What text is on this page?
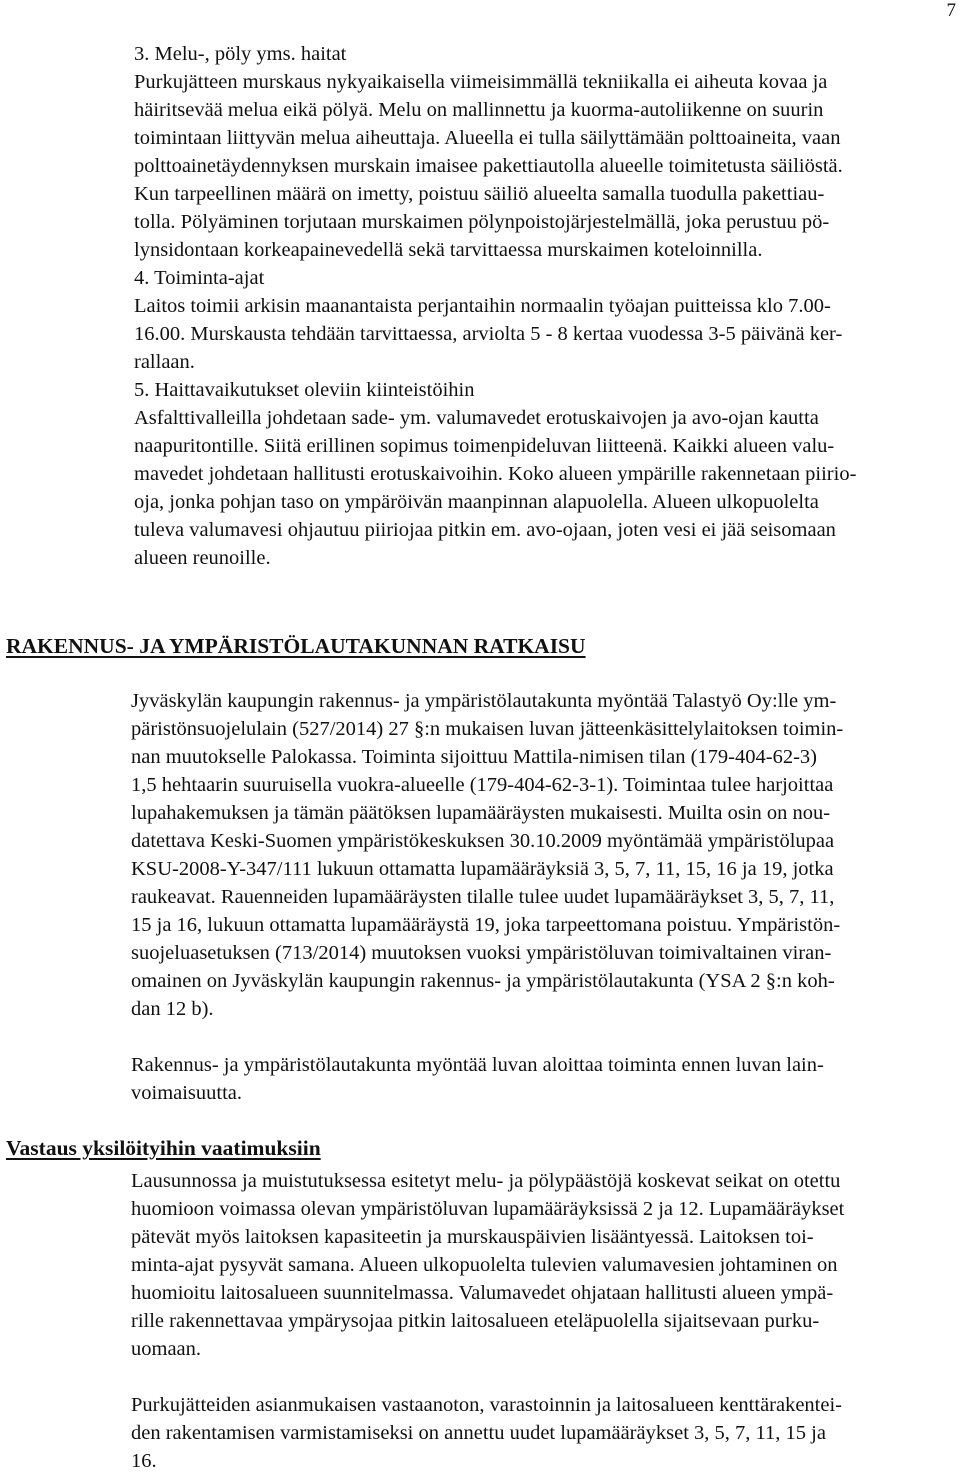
7
3. Melu-, pöly yms. haitat
Purkujätteen murskaus nykyaikaisella viimeisimmällä tekniikalla ei aiheuta kovaa ja
häiritsevää melua eikä pölyä. Melu on mallinnettu ja kuorma-autoliikenne on suurin
toimintaan liittyvän melua aiheuttaja. Alueella ei tulla säilyttämään polttoaineita, vaan
polttoainetäydennyksen murskain imaisee pakettiautolla alueelle toimitetusta säiliöstä.
Kun tarpeellinen määrä on imetty, poistuu säiliö alueelta samalla tuodulla pakettiau-
tolla. Pölyäminen torjutaan murskaimen pölynpoistojärjestelmällä, joka perustuu pö-
lynsidontaan korkeapainevedellä sekä tarvittaessa murskaimen koteloinnilla.
4. Toiminta-ajat
Laitos toimii arkisin maanantaista perjantaihin normaalin työajan puitteissa klo 7.00-
16.00. Murskausta tehdään tarvittaessa, arviolta 5 - 8 kertaa vuodessa 3-5 päivänä ker-
rallaan.
5. Haittavaikutukset oleviin kiinteistöihin
Asfalttivalleilla johdetaan sade- ym. valumavedet erotuskaivojen ja avo-ojan kautta
naapuritontille. Siitä erillinen sopimus toimenpideluvan liitteenä. Kaikki alueen valu-
mavedet johdetaan hallitusti erotuskaivoihin. Koko alueen ympärille rakennetaan piirio-
oja, jonka pohjan taso on ympäröivän maanpinnan alapuolella. Alueen ulkopuolelta
tuleva valumavesi ohjautuu piiriojaa pitkin em. avo-ojaan, joten vesi ei jää seisomaan
alueen reunoille.
RAKENNUS- JA YMPÄRISTÖLAUTAKUNNAN RATKAISU
Jyväskylän kaupungin rakennus- ja ympäristölautakunta myöntää Talastyö Oy:lle ym-
päristönsuojelulain (527/2014) 27 §:n mukaisen luvan jätteenkäsittelylaitoksen toimin-
nan muutokselle Palokassa. Toiminta sijoittuu Mattila-nimisen tilan (179-404-62-3)
1,5 hehtaarin suuruisella vuokra-alueelle (179-404-62-3-1). Toimintaa tulee harjoittaa
lupahakemuksen ja tämän päätöksen lupamääräysten mukaisesti. Muilta osin on nou-
datettava Keski-Suomen ympäristökeskuksen 30.10.2009 myöntämää ympäristölupaa
KSU-2008-Y-347/111 lukuun ottamatta lupamääräyksiä 3, 5, 7, 11, 15, 16 ja 19, jotka
raukeavat. Rauenneiden lupamääräysten tilalle tulee uudet lupamääräykset 3, 5, 7, 11,
15 ja 16, lukuun ottamatta lupamääräystä 19, joka tarpeettomana poistuu. Ympäristön-
suojeluasetuksen (713/2014) muutoksen vuoksi ympäristöluvan toimivaltainen viran-
omainen on Jyväskylän kaupungin rakennus- ja ympäristölautakunta (YSA 2 §:n koh-
dan 12 b).
Rakennus- ja ympäristölautakunta myöntää luvan aloittaa toiminta ennen luvan lain-
voimaisuutta.
Vastaus yksilöityihin vaatimuksiin
Lausunnossa ja muistutuksessa esitetyt melu- ja pölypäästöjä koskevat seikat on otettu
huomioon voimassa olevan ympäristöluvan lupamääräyksissä 2 ja 12. Lupamääräykset
pätevät myös laitoksen kapasiteetin ja murskauspäivien lisääntyessä. Laitoksen toi-
minta-ajat pysyvät samana. Alueen ulkopuolelta tulevien valumavesien johtaminen on
huomioitu laitosalueen suunnitelmassa. Valumavedet ohjataan hallitusti alueen ympä-
rille rakennettavaa ympärysojaa pitkin laitosalueen eteläpuolella sijaitsevaan purku-
uomaan.
Purkujätteiden asianmukaisen vastaanoton, varastoinnin ja laitosalueen kenttärakentei-
den rakentamisen varmistamiseksi on annettu uudet lupamääräykset 3, 5, 7, 11, 15 ja
16.
